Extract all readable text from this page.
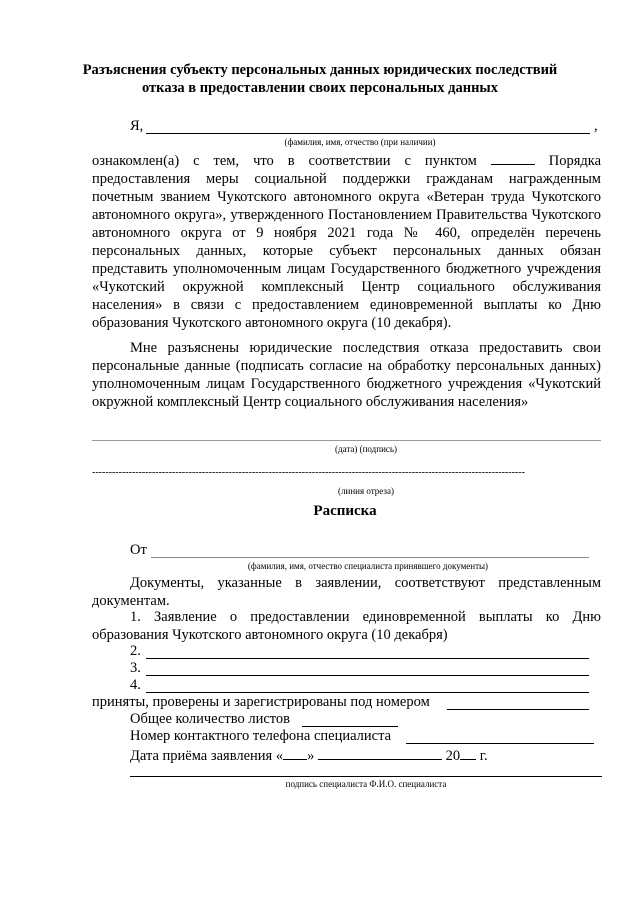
Разъяснения субъекту персональных данных юридических последствий
отказа в предоставлении своих персональных данных
Я,	,
(фамилия, имя, отчество (при наличии)
ознакомлен(а) с тем, что в соответствии с пунктом	Порядка предоставления меры социальной поддержки гражданам награжденным почетным званием Чукотского автономного округа «Ветеран труда Чукотского автономного округа», утвержденного Постановлением Правительства Чукотского автономного округа от 9 ноября 2021 года № 460, определён перечень персональных данных, которые субъект персональных данных обязан представить уполномоченным лицам Государственного бюджетного учреждения «Чукотский окружной комплексный Центр социального обслуживания населения» в связи с предоставлением единовременной выплаты ко Дню образования Чукотского автономного округа (10 декабря).

Мне разъяснены юридические последствия отказа предоставить свои персональные данные (подписать согласие на обработку персональных данных) уполномоченным лицам Государственного бюджетного учреждения «Чукотский окружной комплексный Центр социального обслуживания населения»

(дата) (подпись)
----------------------------------------------------------------------------------------------------------------------------------
(линия отреза)
Расписка
От
(фамилия, имя, отчество специалиста принявшего документы)

Документы, указанные в заявлении, соответствуют представленным документам.

1. Заявление о предоставлении единовременной выплаты ко Дню образования Чукотского автономного округа (10 декабря)

2.
3.
4.
приняты, проверены и зарегистрированы под номером
Общее количество листов
Номер контактного телефона специалиста
Дата приёма заявления « »	20 г.
подпись специалиста Ф.И.О. специалиста
